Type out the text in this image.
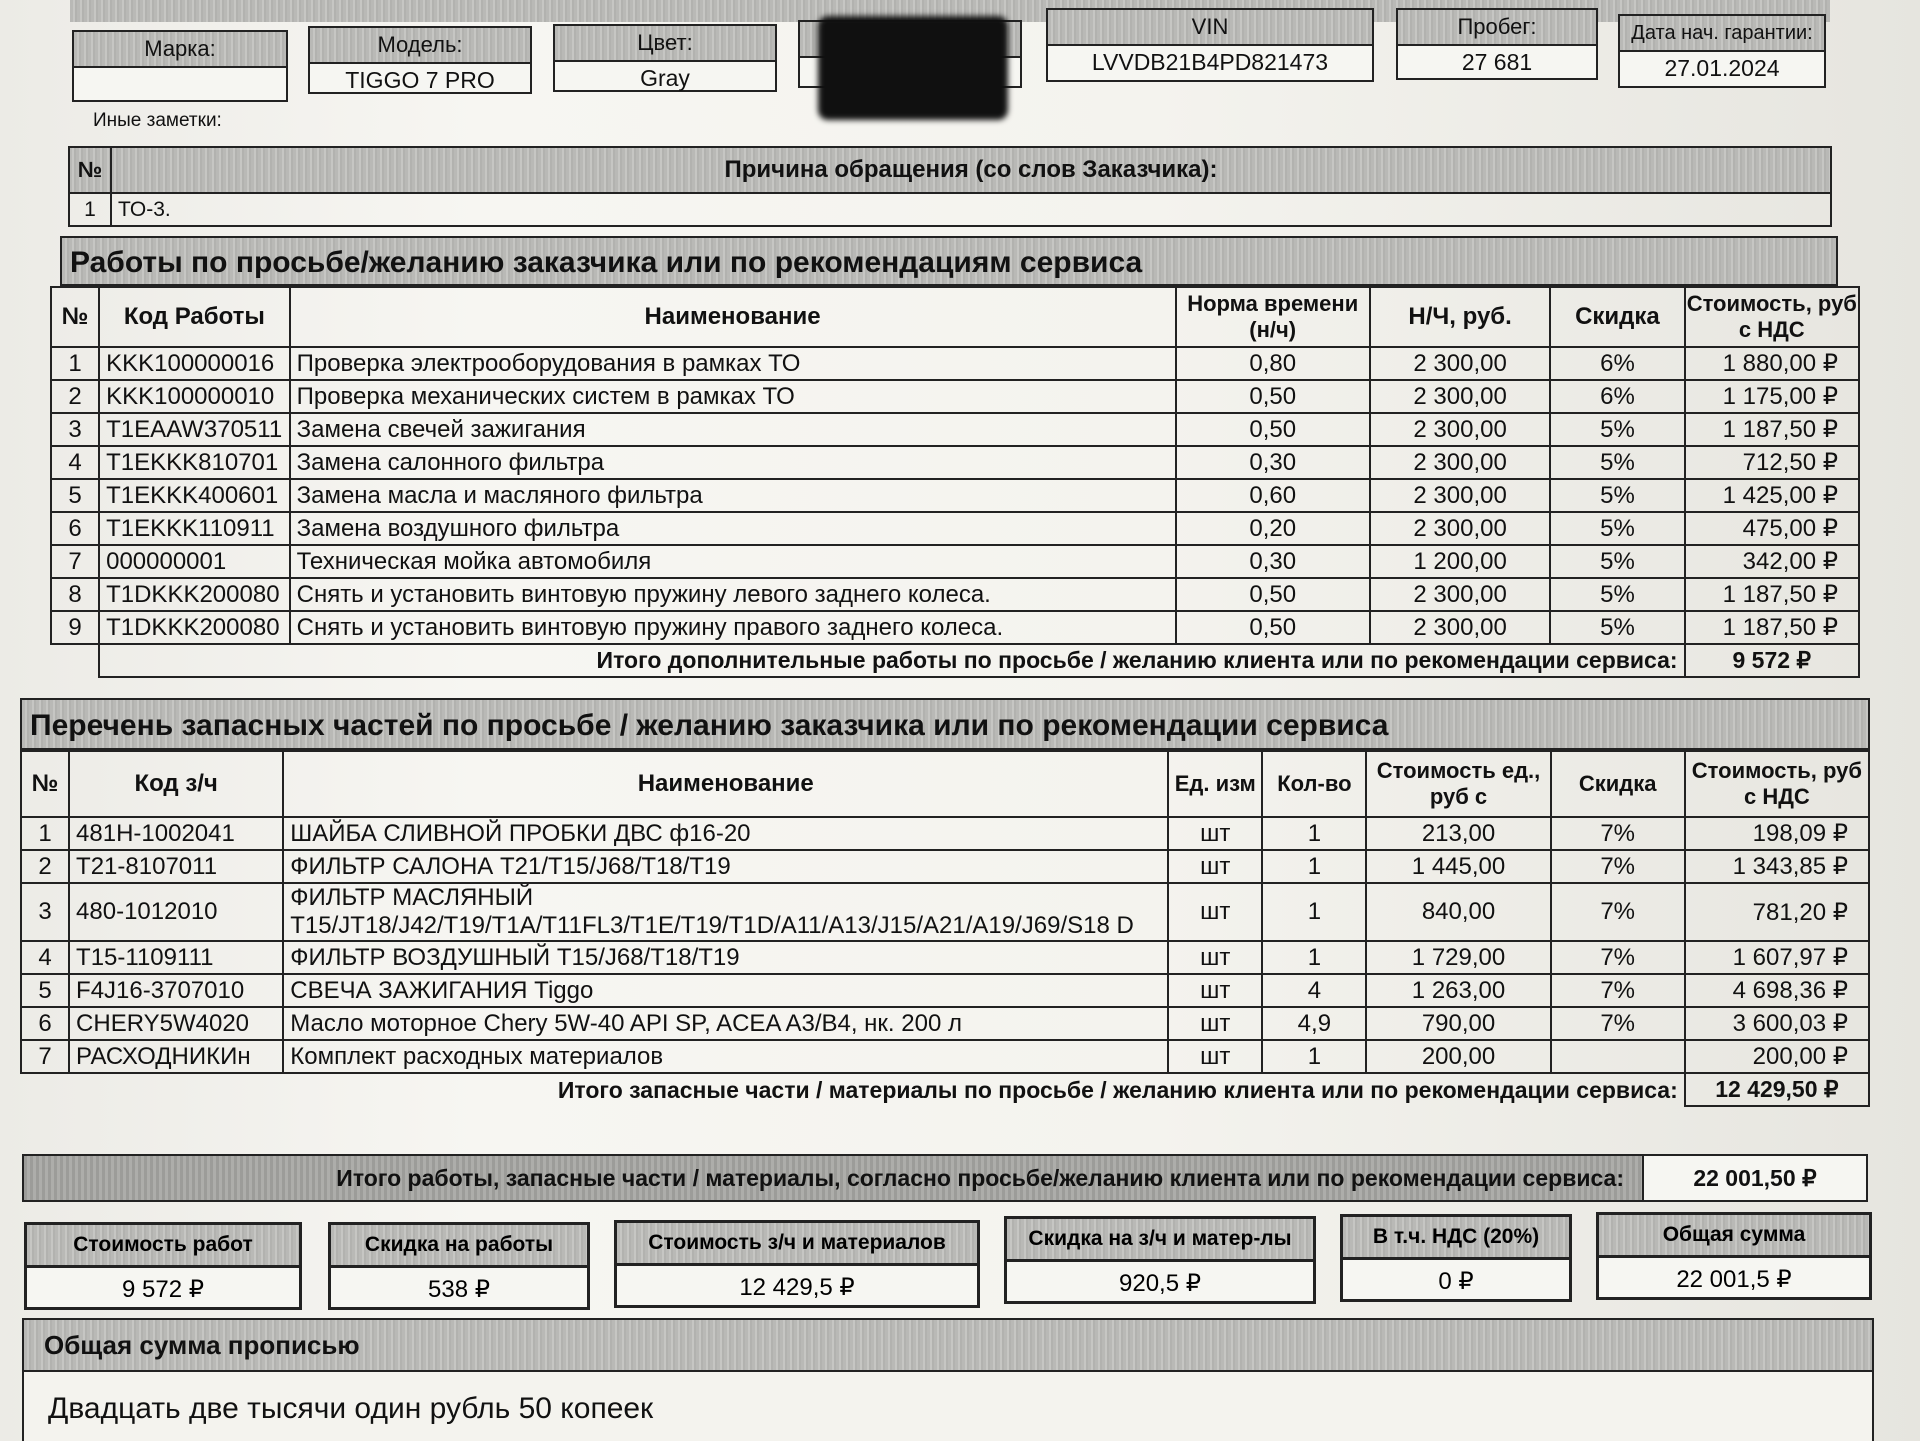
Марка:	Модель:
TIGGO 7 PRO
Цвет:
Gray
VIN
LVVDB21B4PD821473
Пробег:
27 681
Дата нач. гарантии:
27.01.2024
Иные заметки:
№	Причина обращения (со слов Заказчика):
1	ТО-3.
Работы по просьбе/желанию заказчика или по рекомендациям сервиса
№	Код Работы	Наименование	Норма времени (н/ч)	Н/Ч, руб.	Скидка	Стоимость, руб с НДС
1	KKK100000016	Проверка электрооборудования в рамках ТО	0,80	2 300,00	6%	1 880,00 ₽
2	KKK100000010	Проверка механических систем в рамках ТО	0,50	2 300,00	6%	1 175,00 ₽
3	T1EAAW370511	Замена свечей зажигания	0,50	2 300,00	5%	1 187,50 ₽
4	T1EKKK810701	Замена салонного фильтра	0,30	2 300,00	5%	712,50 ₽
5	T1EKKK400601	Замена масла и масляного фильтра	0,60	2 300,00	5%	1 425,00 ₽
6	T1EKKK110911	Замена воздушного фильтра	0,20	2 300,00	5%	475,00 ₽
7	000000001	Техническая мойка автомобиля	0,30	1 200,00	5%	342,00 ₽
8	T1DKKK200080	Снять и установить винтовую пружину левого заднего колеса.	0,50	2 300,00	5%	1 187,50 ₽
9	T1DKKK200080	Снять и установить винтовую пружину правого заднего колеса.	0,50	2 300,00	5%	1 187,50 ₽
	Итого дополнительные работы по просьбе / желанию клиента или по рекомендации сервиса:					9 572 ₽
Перечень запасных частей по просьбе / желанию заказчика или по рекомендации сервиса
№	Код з/ч	Наименование	Ед. изм	Кол-во	Стоимость ед., руб с	Скидка	Стоимость, руб с НДС
1	481H-1002041	ШАЙБА СЛИВНОЙ ПРОБКИ ДВС ф16-20	шт	1	213,00	7%	198,09 ₽
2	T21-8107011	ФИЛЬТР САЛОНА T21/T15/J68/T18/T19	шт	1	1 445,00	7%	1 343,85 ₽
3	480-1012010	ФИЛЬТР МАСЛЯНЫЙ T15/JT18/J42/T19/T1A/T11FL3/T1E/T19/T1D/A11/A13/J15/A21/A19/J69/S18 D	шт	1	840,00	7%	781,20 ₽
4	T15-1109111	ФИЛЬТР ВОЗДУШНЫЙ T15/J68/T18/T19	шт	1	1 729,00	7%	1 607,97 ₽
5	F4J16-3707010	СВЕЧА ЗАЖИГАНИЯ Tiggo	шт	4	1 263,00	7%	4 698,36 ₽
6	CHERY5W4020	Масло моторное Chery 5W-40 API SP, ACEA A3/B4, нк. 200 л	шт	4,9	790,00	7%	3 600,03 ₽
7	РАСХОДНИКИн	Комплект расходных материалов	шт	1	200,00		200,00 ₽
Итого запасные части / материалы по просьбе / желанию клиента или по рекомендации сервиса:							12 429,50 ₽
Итого работы, запасные части / материалы, согласно просьбе/желанию клиента или по рекомендации сервиса:	22 001,50 ₽
Стоимость работ
9 572 ₽
Скидка на работы
538 ₽
Стоимость з/ч и материалов
12 429,5 ₽
Скидка на з/ч и матер-лы
920,5 ₽
В т.ч. НДС (20%)
0 ₽
Общая сумма
22 001,5 ₽
Общая сумма прописью
Двадцать две тысячи один рубль 50 копеек
